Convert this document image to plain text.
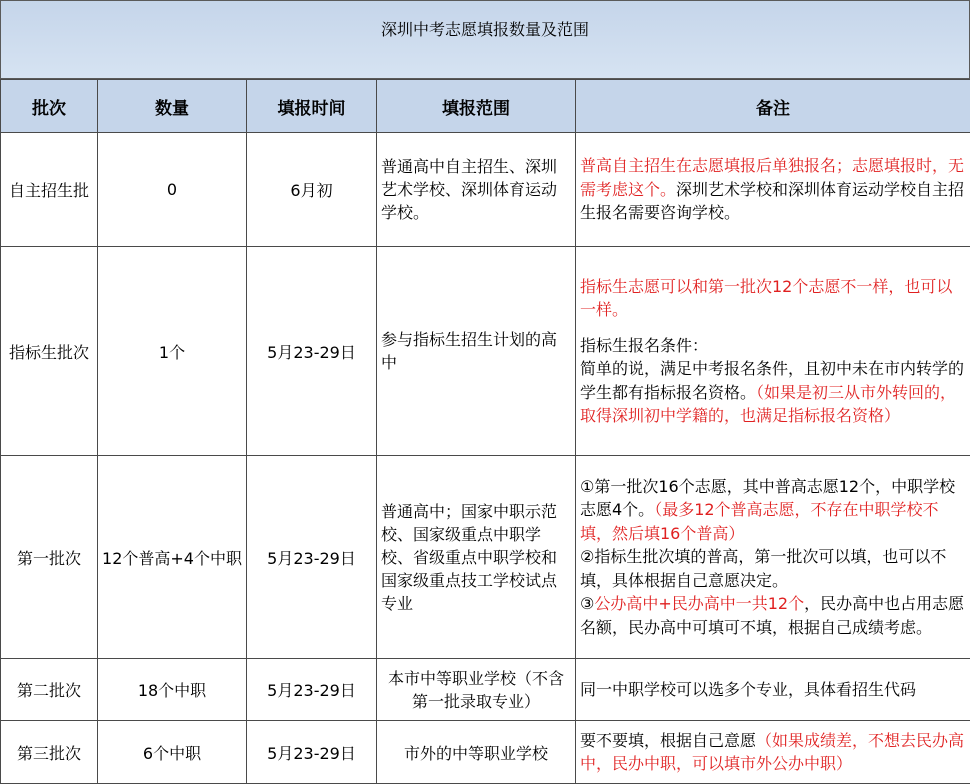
深圳中考志愿填报数量及范围
批次	数量	填报时间	填报范围	备注
自主招生批	0	6月初	普通高中自主招生、深圳艺术学校、深圳体育运动学校。	普高自主招生在志愿填报后单独报名；志愿填报时，无需考虑这个。深圳艺术学校和深圳体育运动学校自主招生报名需要咨询学校。
指标生批次	1个	5月23-29日	参与指标生招生计划的高中	指标生志愿可以和第一批次12个志愿不一样，也可以一样。
指标生报名条件：
简单的说，满足中考报名条件，且初中未在市内转学的学生都有指标报名资格。（如果是初三从市外转回的，取得深圳初中学籍的，也满足指标报名资格）
第一批次	12个普高+4个中职	5月23-29日	普通高中；国家中职示范校、国家级重点中职学校、省级重点中职学校和国家级重点技工学校试点专业	①第一批次16个志愿，其中普高志愿12个，中职学校志愿4个。（最多12个普高志愿，不存在中职学校不填，然后填16个普高）
②指标生批次填的普高，第一批次可以填，也可以不填，具体根据自己意愿决定。
③公办高中+民办高中一共12个，民办高中也占用志愿名额，民办高中可填可不填，根据自己成绩考虑。
第二批次	18个中职	5月23-29日	本市中等职业学校（不含第一批录取专业）	同一中职学校可以选多个专业，具体看招生代码
第三批次	6个中职	5月23-29日	市外的中等职业学校	要不要填，根据自己意愿（如果成绩差，不想去民办高中，民办中职，可以填市外公办中职）
